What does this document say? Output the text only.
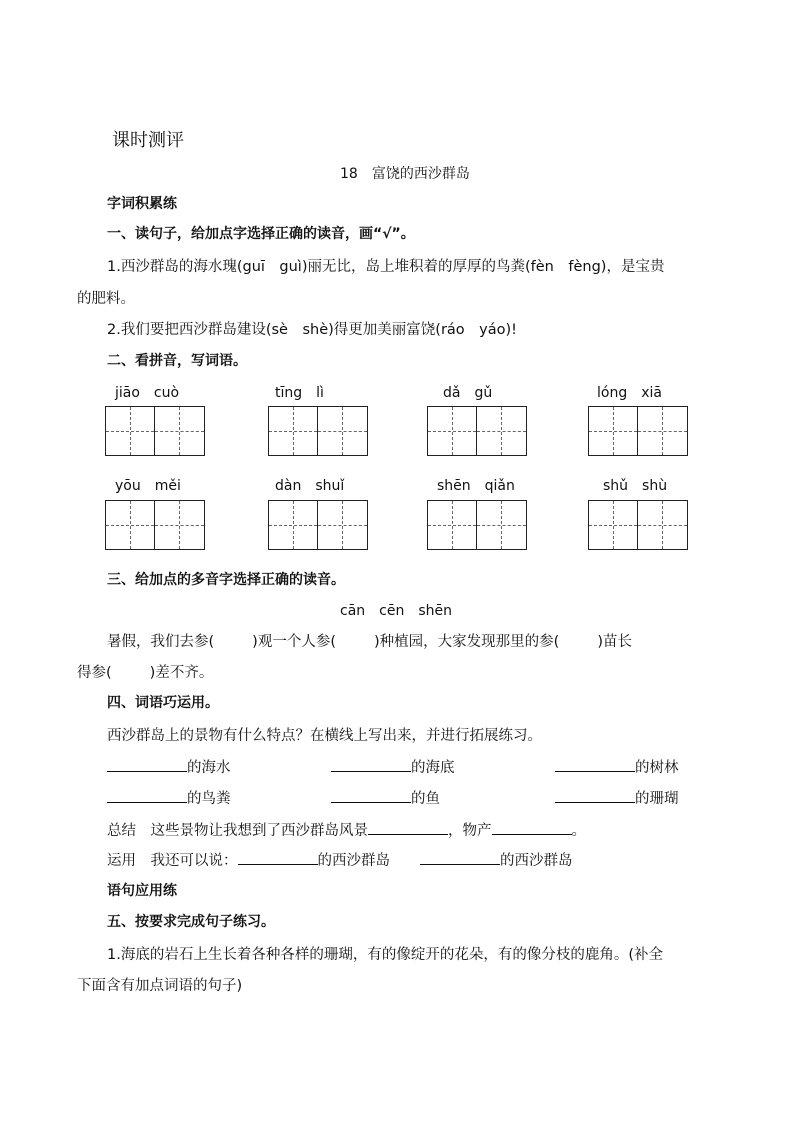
课时测评
18　富饶的西沙群岛
字词积累练
一、读句子，给加点字选择正确的读音，画“√”。
1.西沙群岛的海水瑰(guī　guì)丽无比，岛上堆积着的厚厚的鸟粪(fèn　fèng)，是宝贵
的肥料。
2.我们要把西沙群岛建设(sè　shè)得更加美丽富饶(ráo　yáo)!
二、看拼音，写词语。
jiāo　cuò	tīng　lì	dǎ　gǔ	lóng　xiā
yōu　měi	dàn　shuǐ	shēn　qiǎn	shǔ　shù
三、给加点的多音字选择正确的读音。
cān　cēn　shēn
暑假，我们去参(	)观一个人参(	)种植园，大家发现那里的参(	)苗长
得参(	)差不齐。
四、词语巧运用。
西沙群岛上的景物有什么特点？在横线上写出来，并进行拓展练习。
的海水	的海底	的树林
的鸟粪	的鱼	的珊瑚
总结　这些景物让我想到了西沙群岛风景	，物产	。
运用　我还可以说：	的西沙群岛	的西沙群岛
语句应用练
五、按要求完成句子练习。
1.海底的岩石上生长着各种各样的珊瑚，有的像绽开的花朵，有的像分枝的鹿角。(补全
下面含有加点词语的句子)
